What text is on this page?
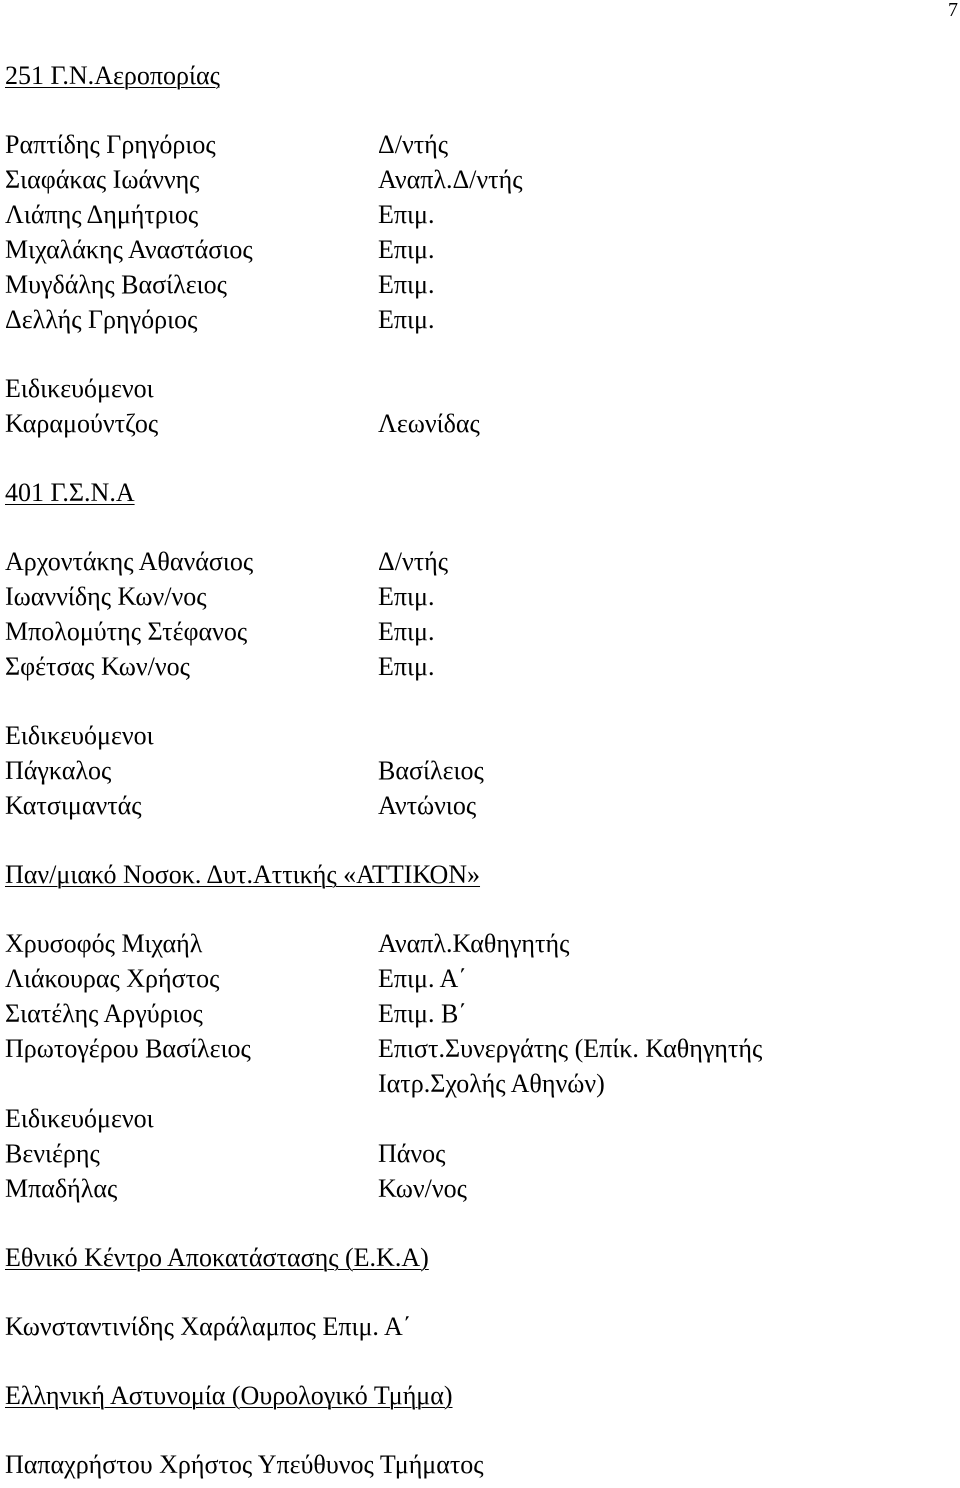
7
251 Γ.Ν.Αεροπορίας
Ραπτίδης Γρηγόριος	Δ/ντής
Σιαφάκας Ιωάννης	Αναπλ.Δ/ντής
Λιάπης Δημήτριος	Επιμ.
Μιχαλάκης Αναστάσιος	Επιμ.
Μυγδάλης Βασίλειος	Επιμ.
Δελλής Γρηγόριος	Επιμ.
Ειδικευόμενοι
Καραμούντζος	Λεωνίδας
401 Γ.Σ.Ν.Α
Αρχοντάκης Αθανάσιος	Δ/ντής
Ιωαννίδης Κων/νος	Επιμ.
Μπολομύτης Στέφανος	Επιμ.
Σφέτσας Κων/νος	Επιμ.
Ειδικευόμενοι
Πάγκαλος	Βασίλειος
Κατσιμαντάς	Αντώνιος
Παν/μιακό Νοσοκ. Δυτ.Αττικής «ΑΤΤΙΚΟΝ»
Χρυσοφός Μιχαήλ	Αναπλ.Καθηγητής
Λιάκουρας Χρήστος	Επιμ. Α΄
Σιατέλης Αργύριος	Επιμ. Β΄
Πρωτογέρου Βασίλειος	Επιστ.Συνεργάτης (Επίκ. Καθηγητής
Ιατρ.Σχολής Αθηνών)
Ειδικευόμενοι
Βενιέρης	Πάνος
Μπαδήλας	Κων/νος
Εθνικό Κέντρο Αποκατάστασης (Ε.Κ.Α)
Κωνσταντινίδης Χαράλαμπος Επιμ. Α΄
Ελληνική Αστυνομία (Ουρολογικό Τμήμα)
Παπαχρήστου Χρήστος Υπεύθυνος Τμήματος
